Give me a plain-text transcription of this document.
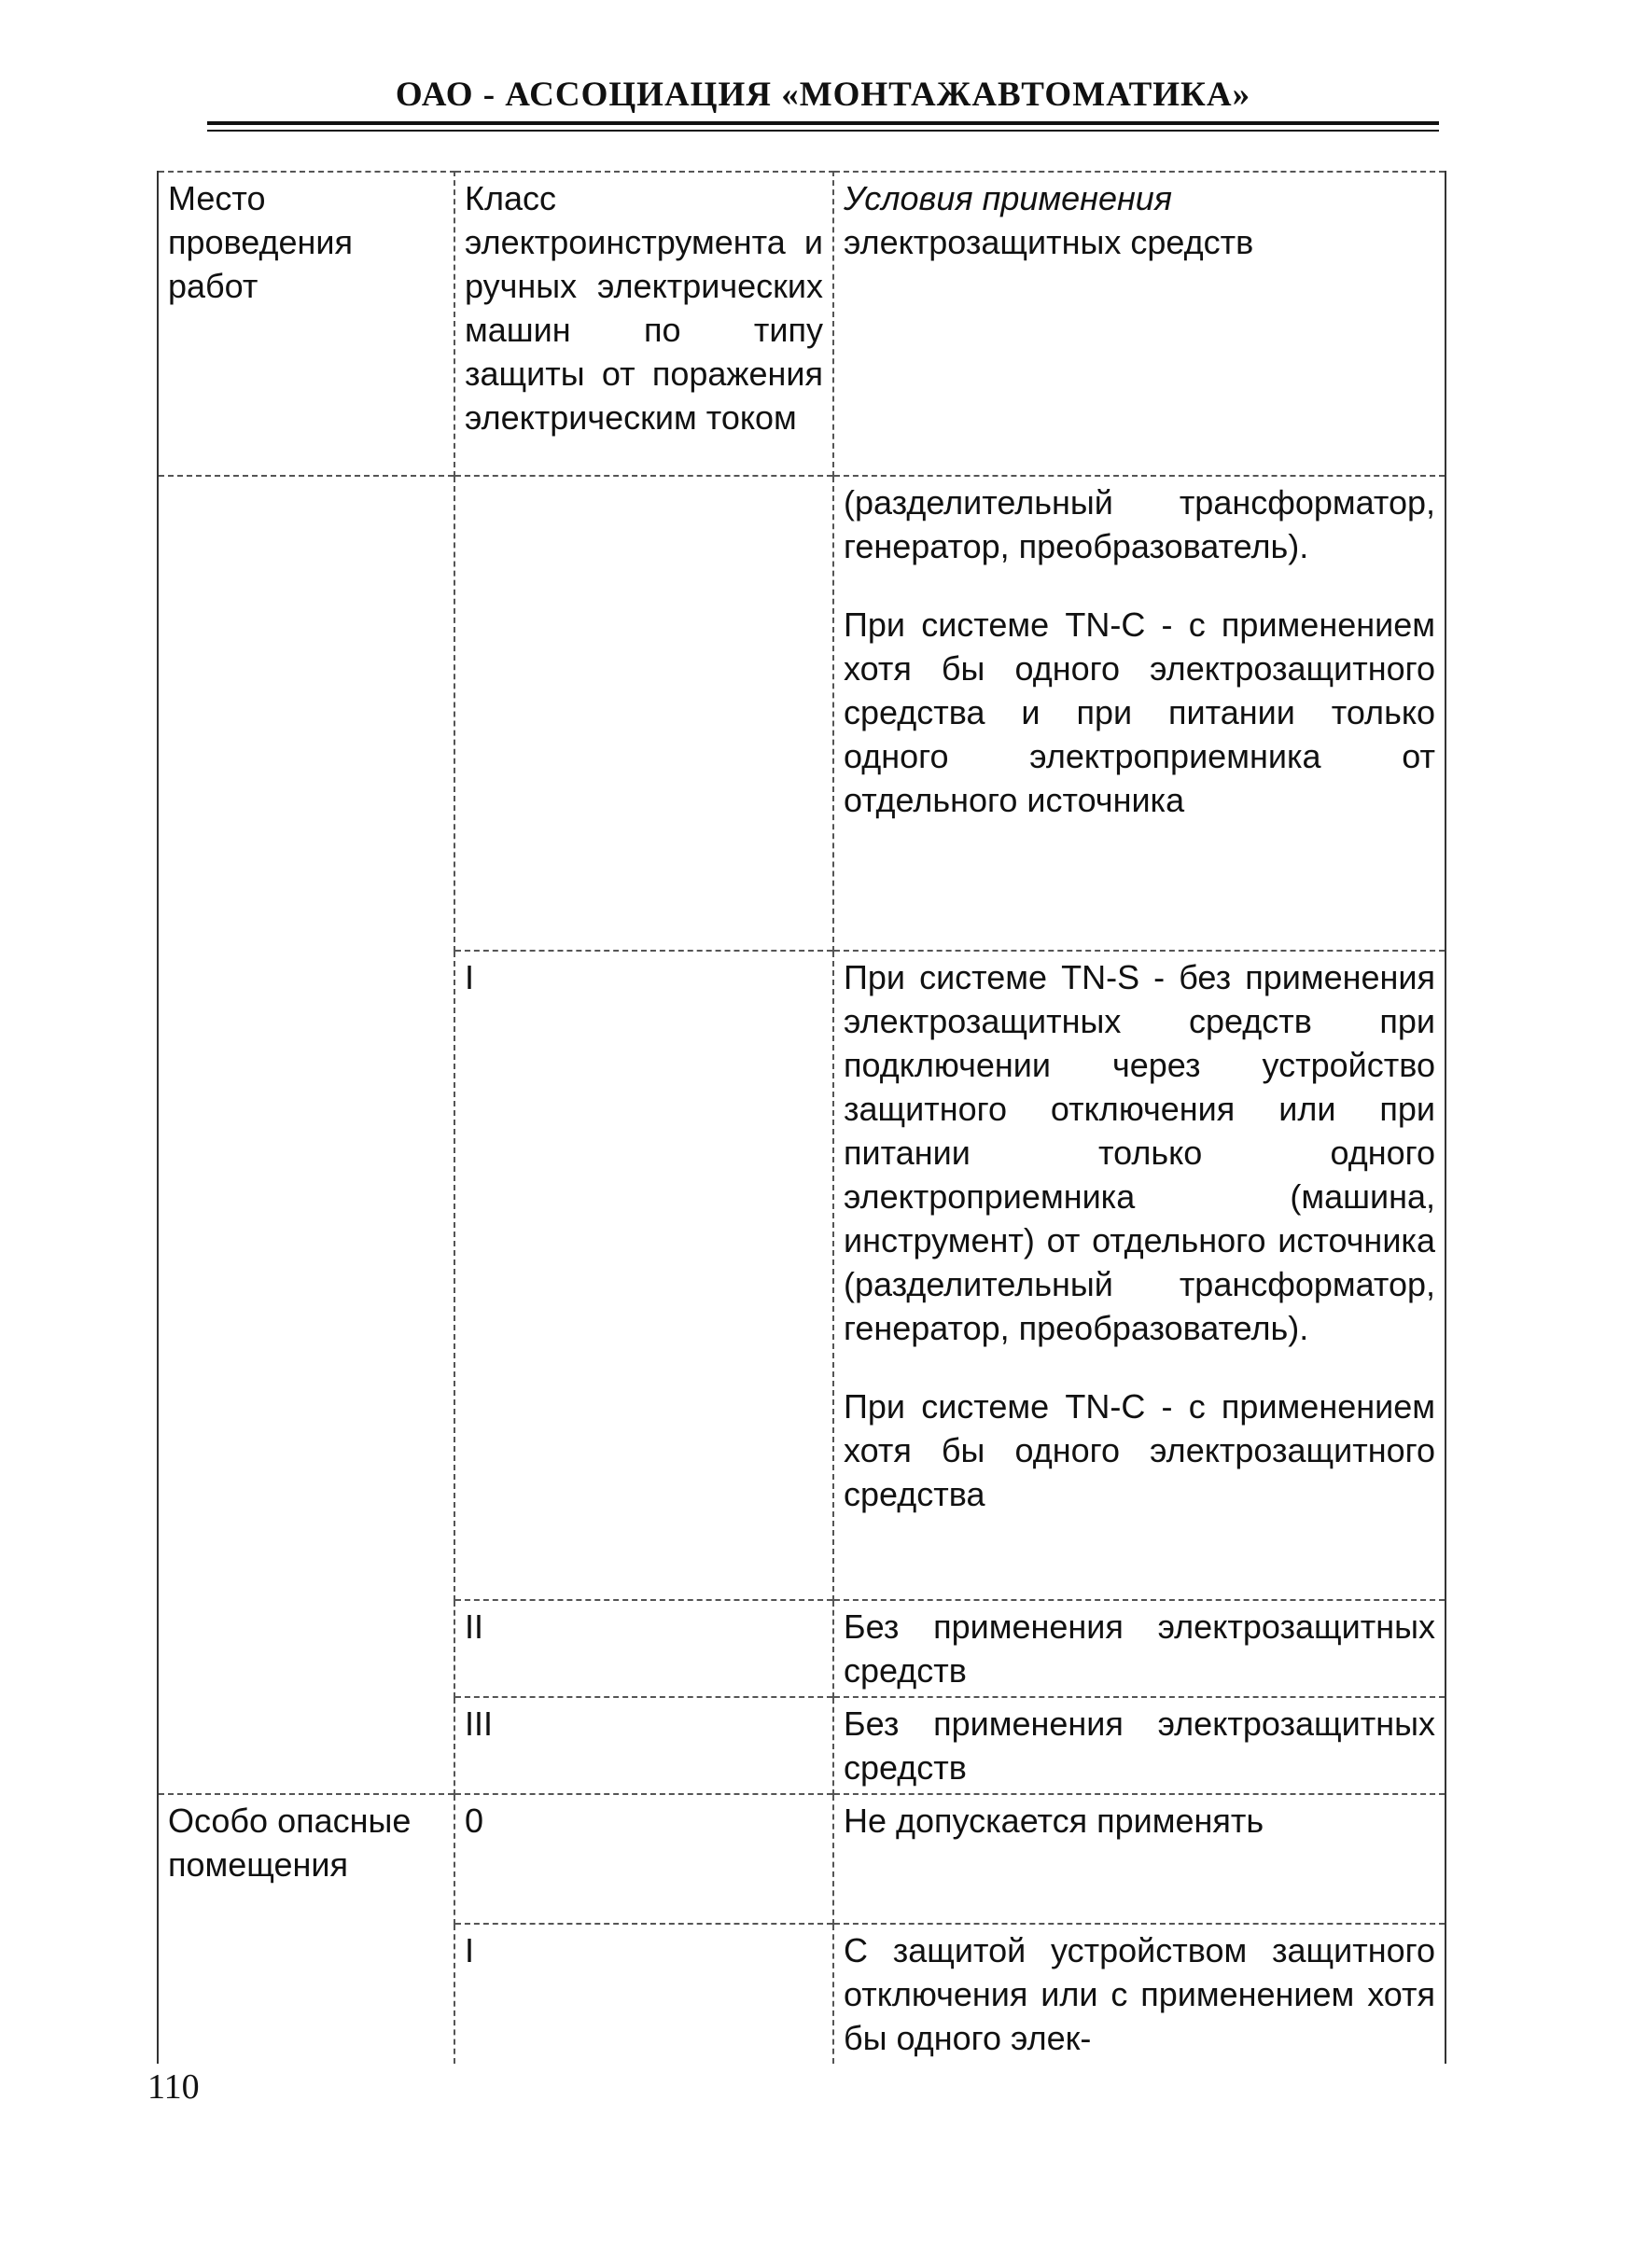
ОАО - АССОЦИАЦИЯ «МОНТАЖАВТОМАТИКА»
Место проведения работ	Класс электроинструмента и ручных электрических машин по типу защиты от поражения электрическим током	Условия применения
электрозащитных средств

		(разделительный трансформатор, генератор, преобразователь).

При системе TN-C - с применением хотя бы одного электрозащитного средства и при питании только одного электроприемника от отдельного источника

	I	При системе TN-S - без применения электрозащитных средств при подключении через устройство защитного отключения или при питании только одного электроприемника (машина, инструмент) от отдельного источника (разделительный трансформатор, генератор, преобразователь).

При системе TN-C - с применением хотя бы одного электрозащитного средства

	II	Без применения электрозащитных средств
	III	Без применения электрозащитных средств
Особо опасные помещения	0	Не допускается применять
	I	С защитой устройством защитного отключения или с применением хотя бы одного элек-
110
